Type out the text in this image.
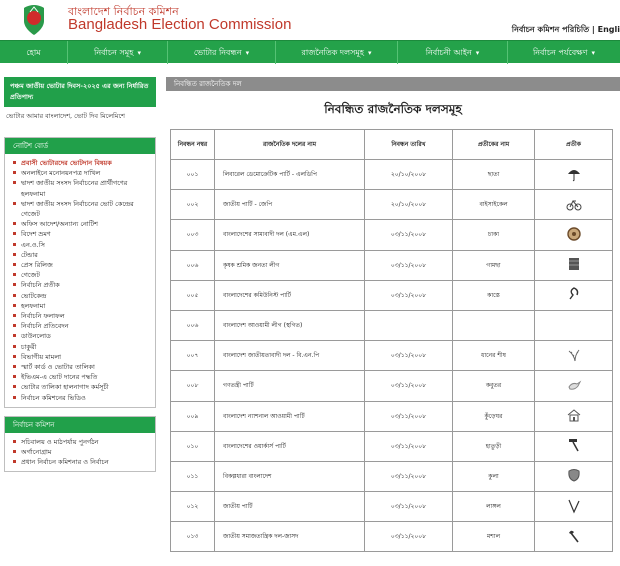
বাংলাদেশ নির্বাচন কমিশন
Bangladesh Election Commission	নির্বাচন কমিশন পরিচিতি | Engli
হোম	নির্বাচন সমূহ ▾	ভোটার নিবন্ধন ▾	রাজনৈতিক দলসমূহ ▾	নির্বাচনী আইন ▾	নির্বাচন পর্যবেক্ষণ ▾
পঞ্চম জাতীয় ভোটার দিবস-২০২৫ এর জন্য নির্ধারিত প্রতিপাদ্য
ভোটার আমার বাংলাদেশ, ভোট দিব মিলেমিশে
নোটিশ বোর্ড
প্রবাসী ভোটারদের ভোটদান বিষয়ক
অনলাইনে মনোনয়নপত্র দাখিল
দ্বাদশ জাতীয় সংসদ নির্বাচনের প্রার্থীগণের হলফনামা
দ্বাদশ জাতীয় সংসদ নির্বাচনের ভোট কেন্দ্রের গেজেট
অফিস আদেশ/অন্যান্য নোটিশ
বিদেশ ভ্রমণ
এন.ও.সি
টেন্ডার
প্রেস রিলিজ
গেজেট
নির্বাচনি প্রতীক
ভোটকেন্দ্র
হলফনামা
নির্বাচনি ফলাফল
নির্বাচনি প্রতিবেদন
ডাউনলোড
চাকুরী
বিভাগীয় মামলা
স্মার্ট কার্ড ও ভোটার তালিকা
ইভিএম-এ ভোট দানের পদ্ধতি
ভোটার তালিকা হালনাগাদ কর্মসূচী
নির্বাচন কমিশনের ভিডিও
নির্বাচন কমিশন
সচিবালয় ও মাঠপর্যায় পুনর্গঠন
অর্গানোগ্রাম
প্রধান নির্বাচন কমিশনার ও নির্বাচন
নিবন্ধিত রাজনৈতিক দল
নিবন্ধিত রাজনৈতিক দলসমূহ
নিবন্ধন নম্বর	রাজনৈতিক দলের নাম	নিবন্ধন তারিখ	প্রতীকের নাম	প্রতীক
০০১	লিবারেল ডেমোক্রেটিক পার্টি - এলডিপি	২০/১০/২০০৮	ছাতা	
০০২	জাতীয় পার্টি - জেপি	২০/১০/২০০৮	বাইসাইকেল	
০০৩	বাংলাদেশের সাম্যবাদী দল (এম.এল)	০৩/১১/২০০৮	চাকা	
০০৬	কৃষক শ্রমিক জনতা লীগ	০৩/১১/২০০৮	গামছা	
০০৫	বাংলাদেশের কমিউনিস্ট পার্টি	০৩/১১/২০০৮	কাস্তে	
০০৬	বাংলাদেশ আওয়ামী লীগ (স্থগিত)			
০০৭	বাংলাদেশ জাতীয়তাবাদী দল - বি.এন.পি	০৩/১১/২০০৮	ধানের শীষ	
০০৮	গণতন্ত্রী পার্টি	০৩/১১/২০০৮	কবুতর	
০০৯	বাংলাদেশ ন্যাশনাল আওয়ামী পার্টি	০৩/১১/২০০৮	কুঁড়েঘর	
০১০	বাংলাদেশের ওয়ার্কার্স পার্টি	০৩/১১/২০০৮	হাতুড়ী	
০১১	বিকল্পধারা বাংলাদেশ	০৩/১১/২০০৮	কুলা	
০১২	জাতীয় পার্টি	০৩/১১/২০০৮	লাঙ্গল	
০১৩	জাতীয় সমাজতান্ত্রিক দল-জাসদ	০৩/১১/২০০৮	মশাল	
